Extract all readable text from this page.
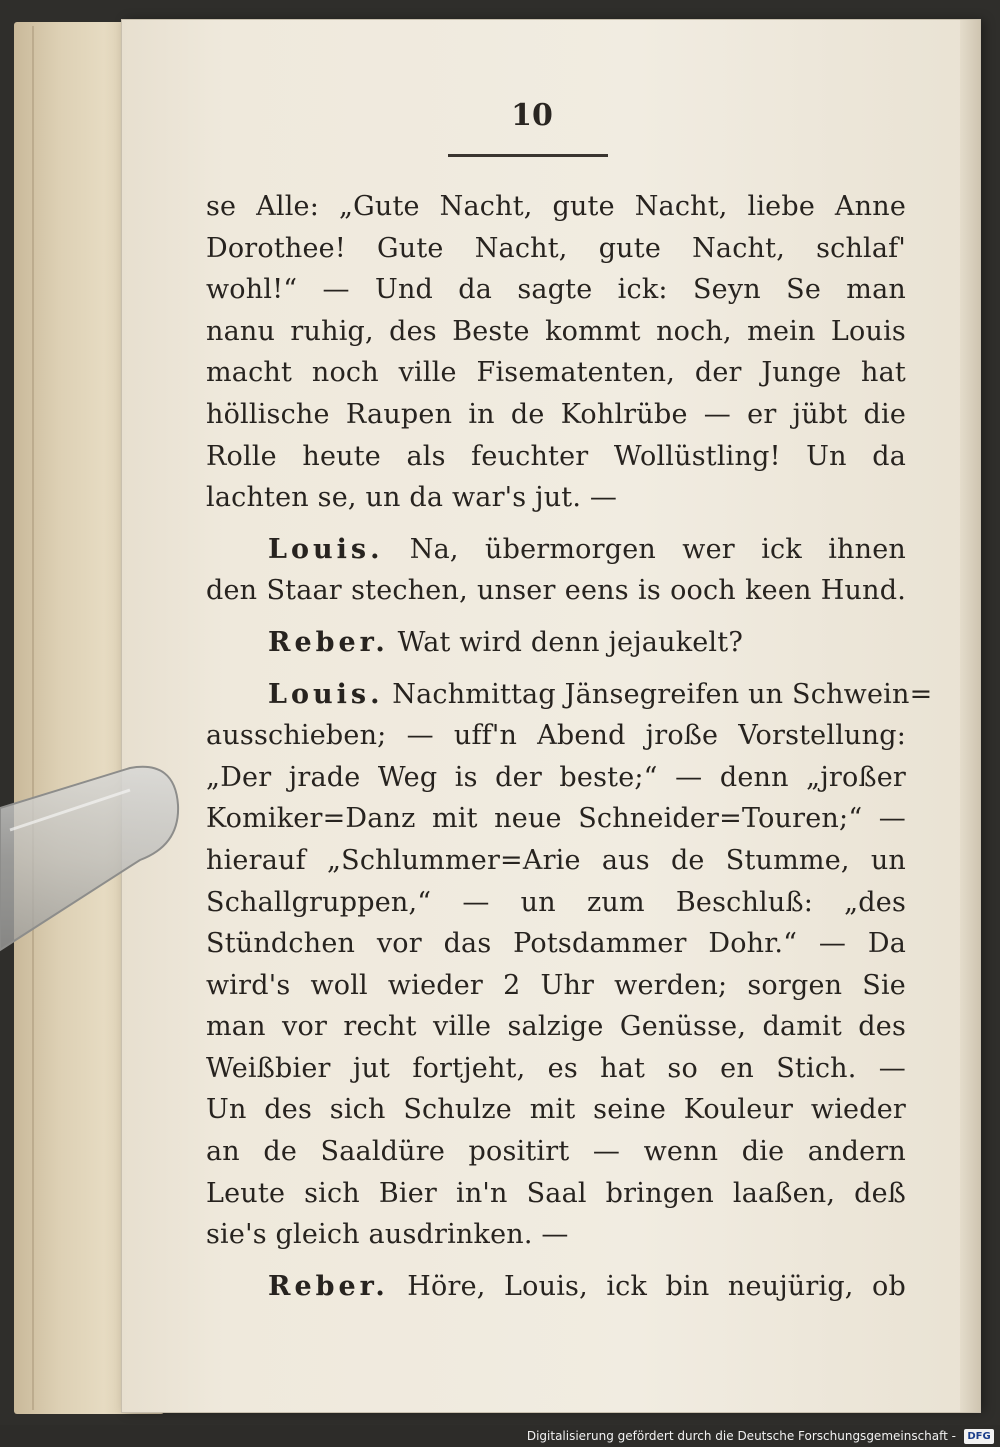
10
se Alle: „Gute Nacht, gute Nacht, liebe Anne
Dorothee! Gute Nacht, gute Nacht, schlaf'
wohl!“ — Und da sagte ick: Seyn Se man
nanu ruhig, des Beste kommt noch, mein Louis
macht noch ville Fisematenten, der Junge hat
höllische Raupen in de Kohlrübe — er jübt die
Rolle heute als feuchter Wollüstling! Un da
lachten se, un da war's jut. —
Louis. Na, übermorgen wer ick ihnen
den Staar stechen, unser eens is ooch keen Hund.
Reber. Wat wird denn jejaukelt?
Louis. Nachmittag Jänsegreifen un Schwein=
ausschieben; — uff'n Abend jroße Vorstellung:
„Der jrade Weg is der beste;“ — denn „jroßer
Komiker=Danz mit neue Schneider=Touren;“ —
hierauf „Schlummer=Arie aus de Stumme, un
Schallgruppen,“ — un zum Beschluß: „des
Stündchen vor das Potsdammer Dohr.“ — Da
wird's woll wieder 2 Uhr werden; sorgen Sie
man vor recht ville salzige Genüsse, damit des
Weißbier jut fortjeht, es hat so en Stich. —
Un des sich Schulze mit seine Kouleur wieder
an de Saaldüre positirt — wenn die andern
Leute sich Bier in'n Saal bringen laaßen, deß
sie's gleich ausdrinken. —
Reber. Höre, Louis, ick bin neujürig, ob
Digitalisierung gefördert durch die Deutsche Forschungsgemeinschaft -	DFG
